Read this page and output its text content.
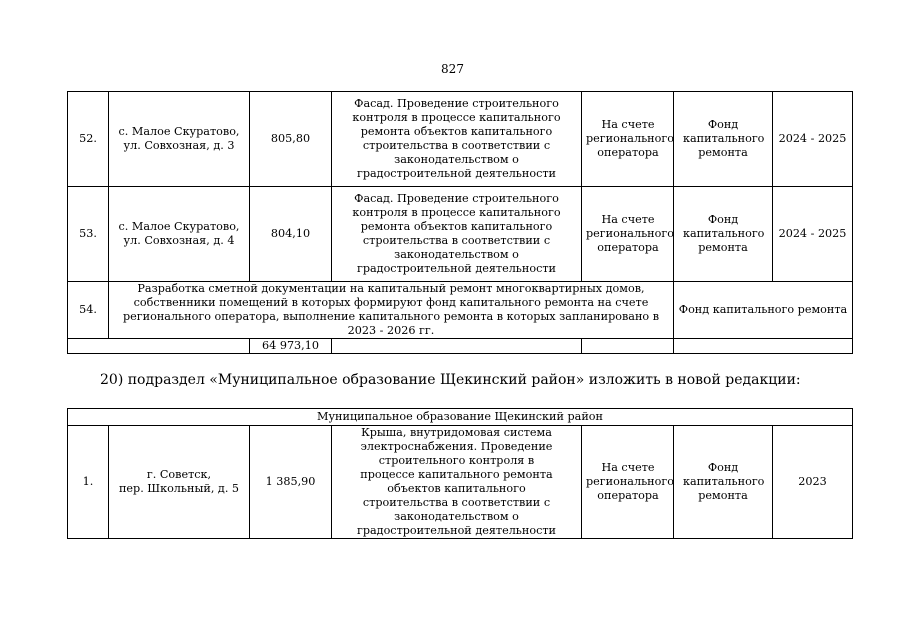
827
52.	с. Малое Скуратово,
ул. Совхозная, д. 3	805,80	Фасад. Проведение строительного контроля в процессе капитального ремонта объектов капитального строительства в соответствии с законодательством о градостроительной деятельности	На счете регионального оператора	Фонд капитального ремонта	2024 - 2025
53.	с. Малое Скуратово,
ул. Совхозная, д. 4	804,10	Фасад. Проведение строительного контроля в процессе капитального ремонта объектов капитального строительства в соответствии с законодательством о градостроительной деятельности	На счете регионального оператора	Фонд капитального ремонта	2024 - 2025
54.	Разработка сметной документации на капитальный ремонт многоквартирных домов, собственники помещений в которых формируют фонд капитального ремонта на счете регионального оператора, выполнение капитального ремонта в которых запланировано в 2023 - 2026 гг.				Фонд капитального ремонта	
		64 973,10				
20) подраздел «Муниципальное образование Щекинский район» изложить в новой редакции:
Муниципальное образование Щекинский район
1.	г. Советск,
пер. Школьный, д. 5	1 385,90	Крыша, внутридомовая система электроснабжения. Проведение строительного контроля в процессе капитального ремонта объектов капитального строительства в соответствии с законодательством о градостроительной деятельности	На счете регионального оператора	Фонд капитального ремонта	2023
